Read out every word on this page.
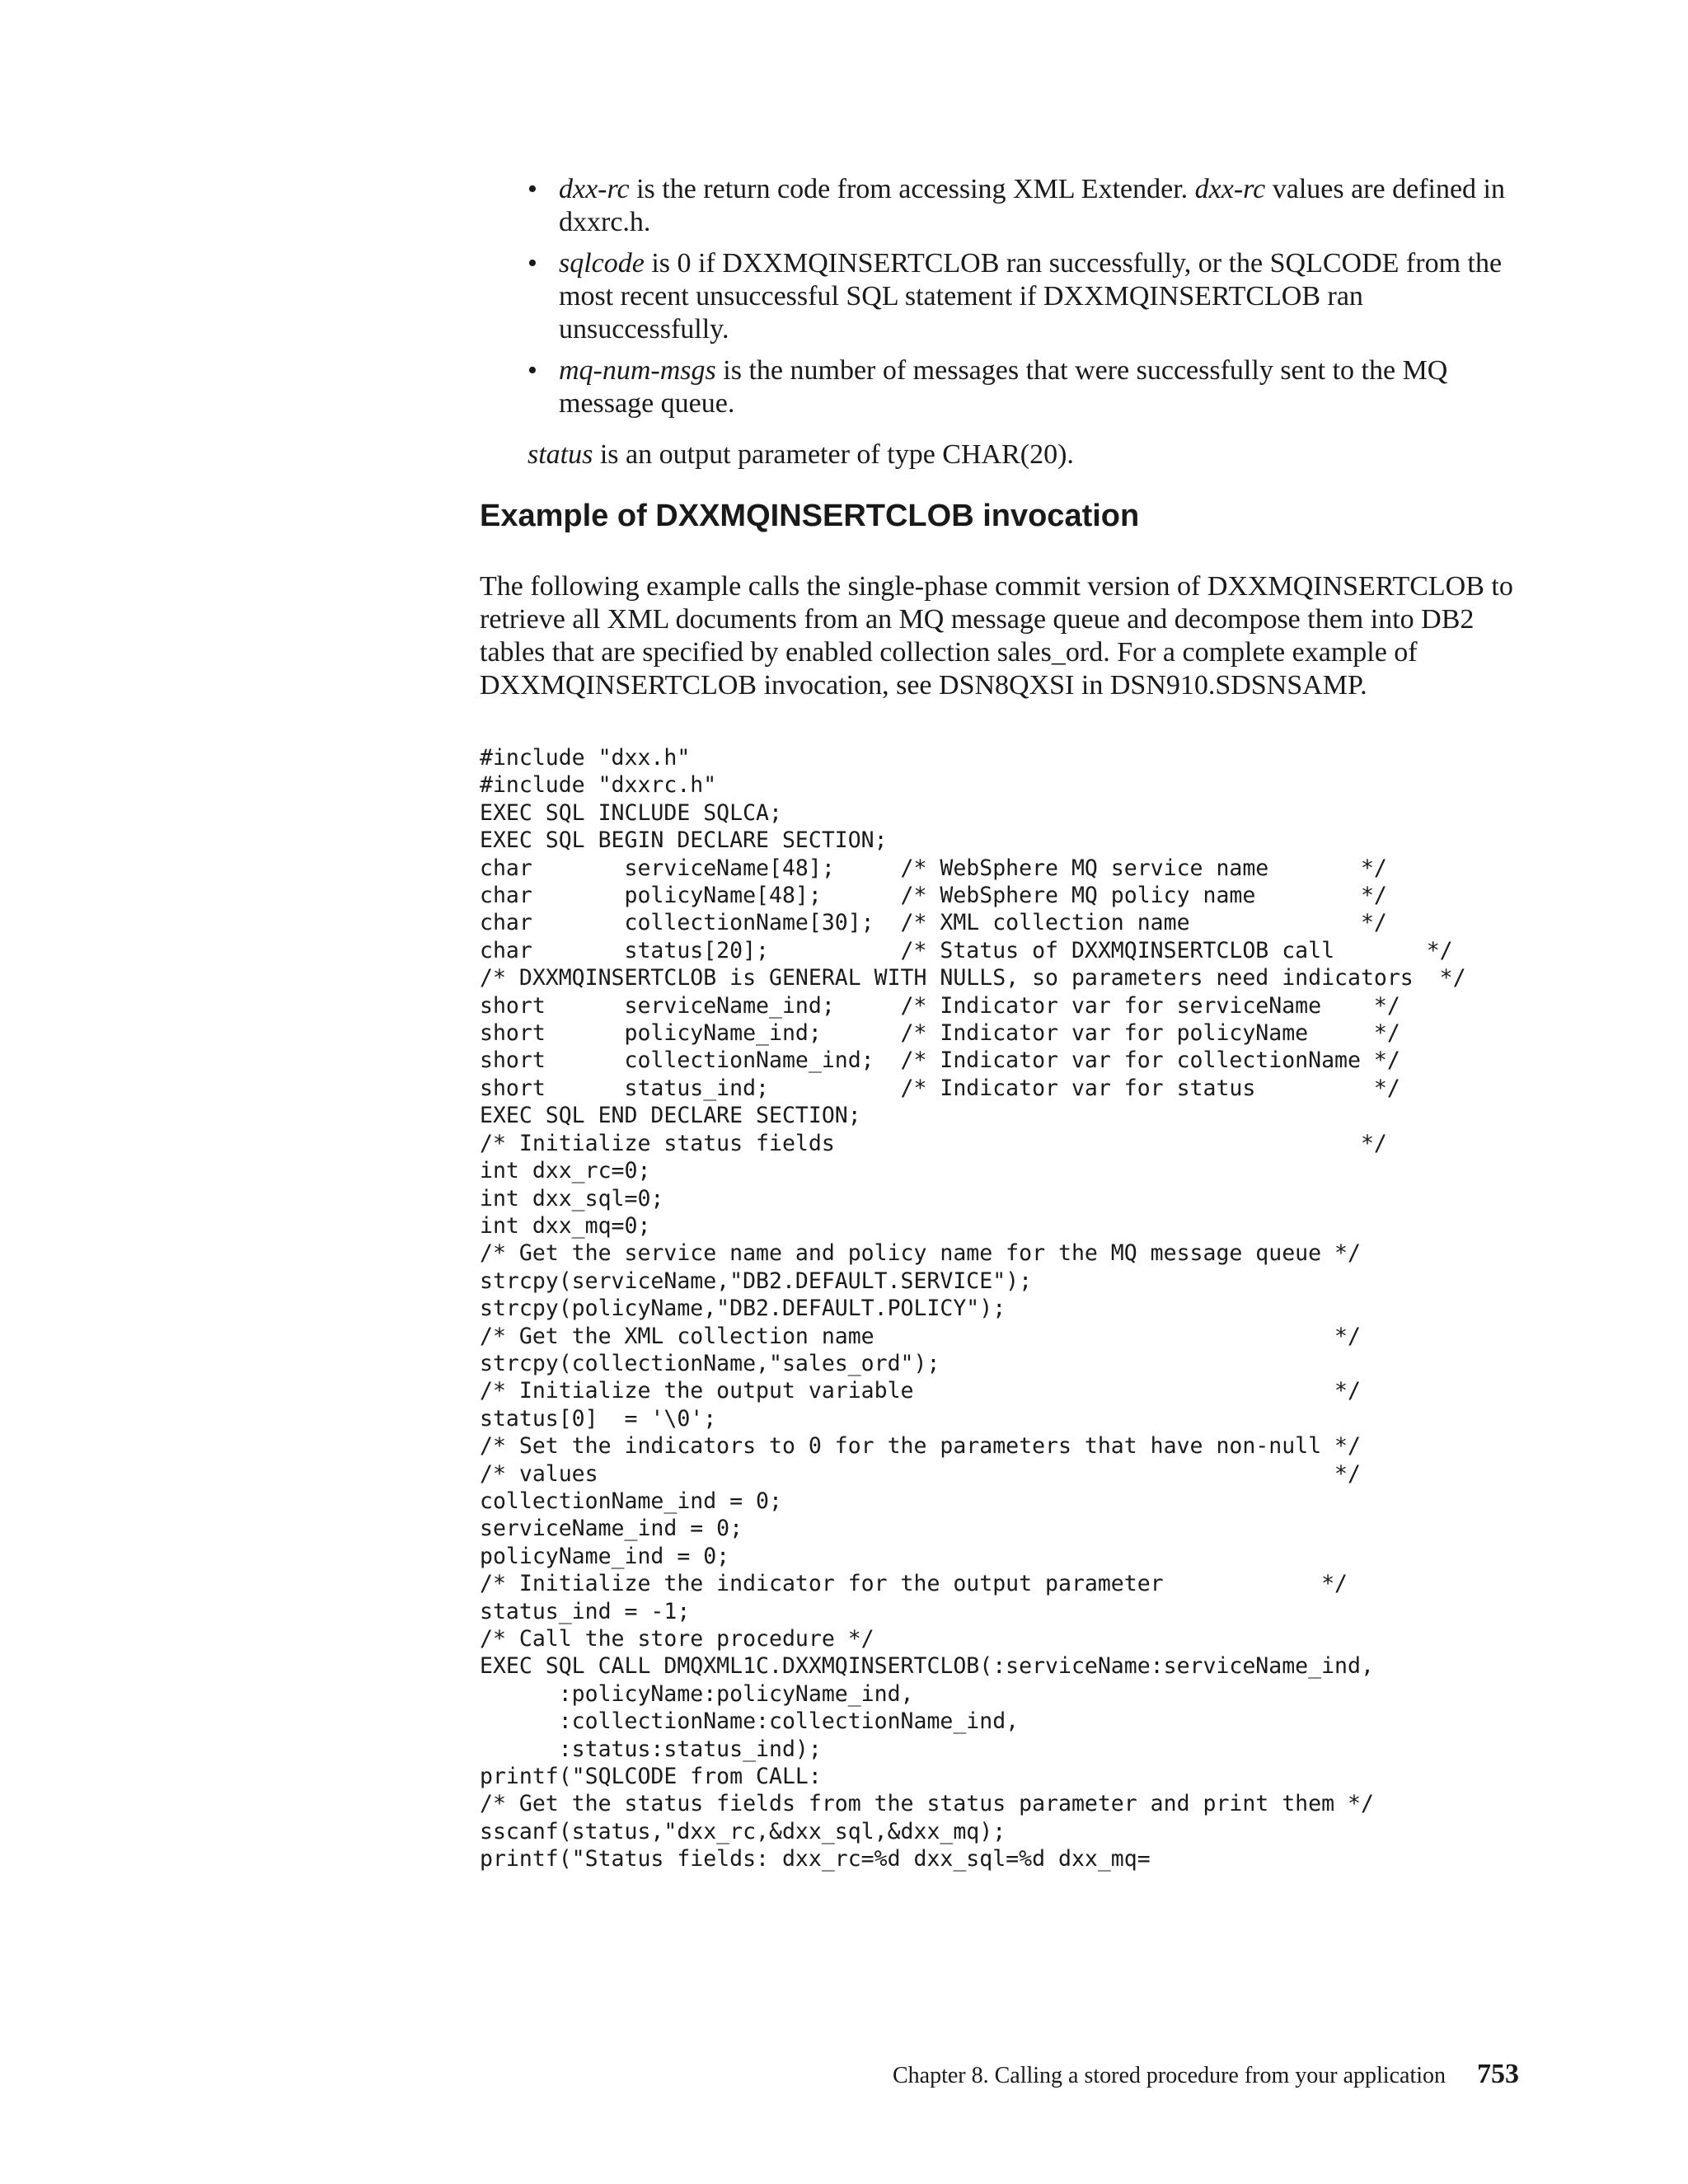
• dxx-rc is the return code from accessing XML Extender. dxx-rc values are defined in dxxrc.h.
• sqlcode is 0 if DXXMQINSERTCLOB ran successfully, or the SQLCODE from the most recent unsuccessful SQL statement if DXXMQINSERTCLOB ran unsuccessfully.
• mq-num-msgs is the number of messages that were successfully sent to the MQ message queue.
status is an output parameter of type CHAR(20).
Example of DXXMQINSERTCLOB invocation

The following example calls the single-phase commit version of DXXMQINSERTCLOB to retrieve all XML documents from an MQ message queue and decompose them into DB2 tables that are specified by enabled collection sales_ord. For a complete example of DXXMQINSERTCLOB invocation, see DSN8QXSI in DSN910.SDSNSAMP.

#include "dxx.h"
#include "dxxrc.h"
EXEC SQL INCLUDE SQLCA;
EXEC SQL BEGIN DECLARE SECTION;
char       serviceName[48];     /* WebSphere MQ service name       */
char       policyName[48];      /* WebSphere MQ policy name        */
char       collectionName[30];  /* XML collection name             */
char       status[20];          /* Status of DXXMQINSERTCLOB call       */
/* DXXMQINSERTCLOB is GENERAL WITH NULLS, so parameters need indicators  */
short      serviceName_ind;     /* Indicator var for serviceName    */
short      policyName_ind;      /* Indicator var for policyName     */
short      collectionName_ind;  /* Indicator var for collectionName */
short      status_ind;          /* Indicator var for status         */
EXEC SQL END DECLARE SECTION;
/* Initialize status fields                                        */
int dxx_rc=0;
int dxx_sql=0;
int dxx_mq=0;
/* Get the service name and policy name for the MQ message queue */
strcpy(serviceName,"DB2.DEFAULT.SERVICE");
strcpy(policyName,"DB2.DEFAULT.POLICY");
/* Get the XML collection name                                   */
strcpy(collectionName,"sales_ord");
/* Initialize the output variable                                */
status[0]  = '\0';
/* Set the indicators to 0 for the parameters that have non-null */
/* values                                                        */
collectionName_ind = 0;
serviceName_ind = 0;
policyName_ind = 0;
/* Initialize the indicator for the output parameter            */
status_ind = -1;
/* Call the store procedure */
EXEC SQL CALL DMQXML1C.DXXMQINSERTCLOB(:serviceName:serviceName_ind,
:policyName:policyName_ind,
:collectionName:collectionName_ind,
:status:status_ind);
printf("SQLCODE from CALL:
/* Get the status fields from the status parameter and print them */
sscanf(status,"dxx_rc,&dxx_sql,&dxx_mq);
printf("Status fields: dxx_rc=%d dxx_sql=%d dxx_mq=
Chapter 8. Calling a stored procedure from your application 753
